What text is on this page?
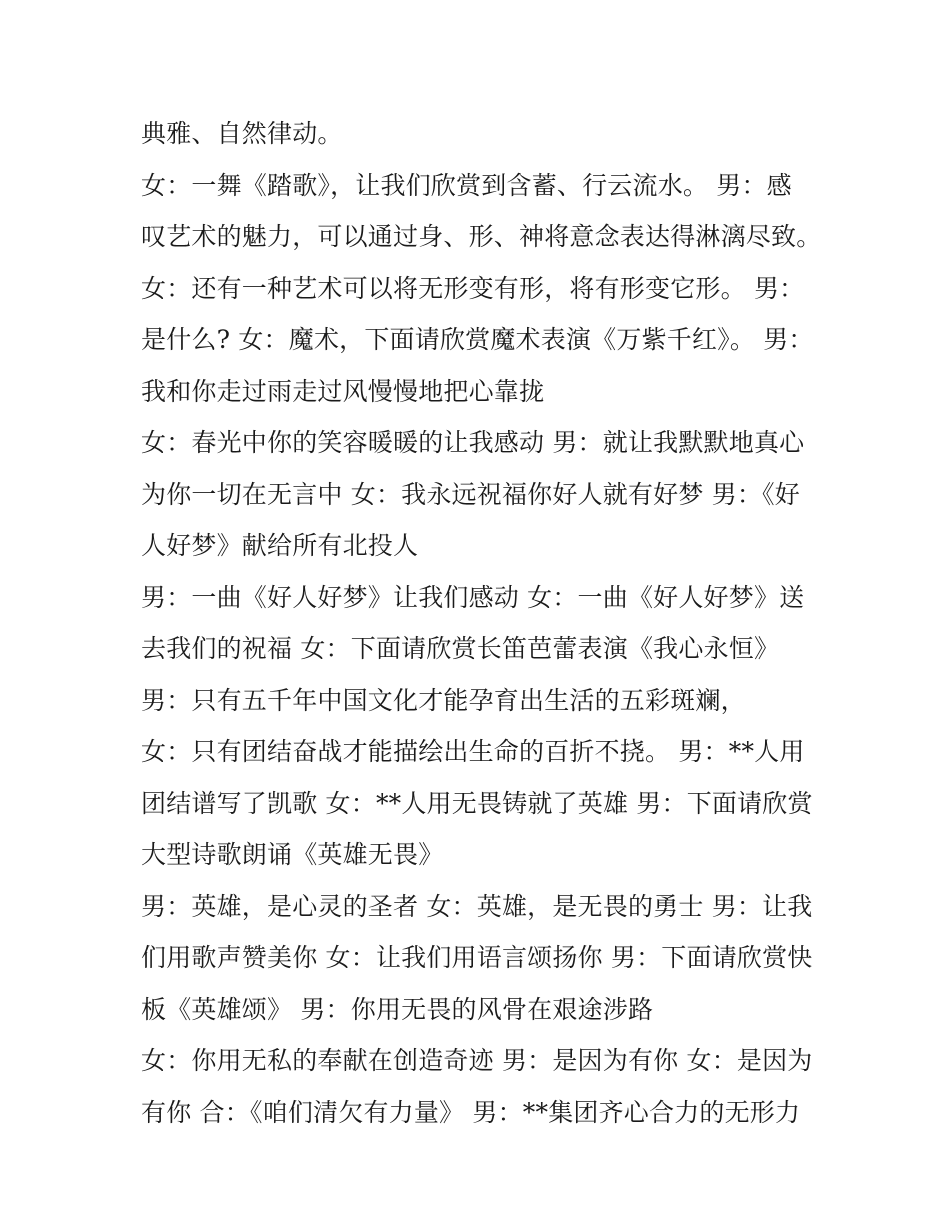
典雅、自然律动。
女：一舞《踏歌》，让我们欣赏到含蓄、行云流水。 男：感
叹艺术的魅力，可以通过身、形、神将意念表达得淋漓尽致。
女：还有一种艺术可以将无形变有形，将有形变它形。 男：
是什么? 女：魔术，下面请欣赏魔术表演《万紫千红》。 男：
我和你走过雨走过风慢慢地把心靠拢
女：春光中你的笑容暖暖的让我感动 男：就让我默默地真心
为你一切在无言中 女：我永远祝福你好人就有好梦 男：《好
人好梦》献给所有北投人
男：一曲《好人好梦》让我们感动 女：一曲《好人好梦》送
去我们的祝福 女：下面请欣赏长笛芭蕾表演《我心永恒》
男：只有五千年中国文化才能孕育出生活的五彩斑斓，
女：只有团结奋战才能描绘出生命的百折不挠。 男：**人用
团结谱写了凯歌 女：**人用无畏铸就了英雄 男：下面请欣赏
大型诗歌朗诵《英雄无畏》
男：英雄，是心灵的圣者 女：英雄，是无畏的勇士 男：让我
们用歌声赞美你 女：让我们用语言颂扬你 男：下面请欣赏快
板《英雄颂》 男：你用无畏的风骨在艰途涉路
女：你用无私的奉献在创造奇迹 男：是因为有你 女：是因为
有你 合：《咱们清欠有力量》 男：**集团齐心合力的无形力
